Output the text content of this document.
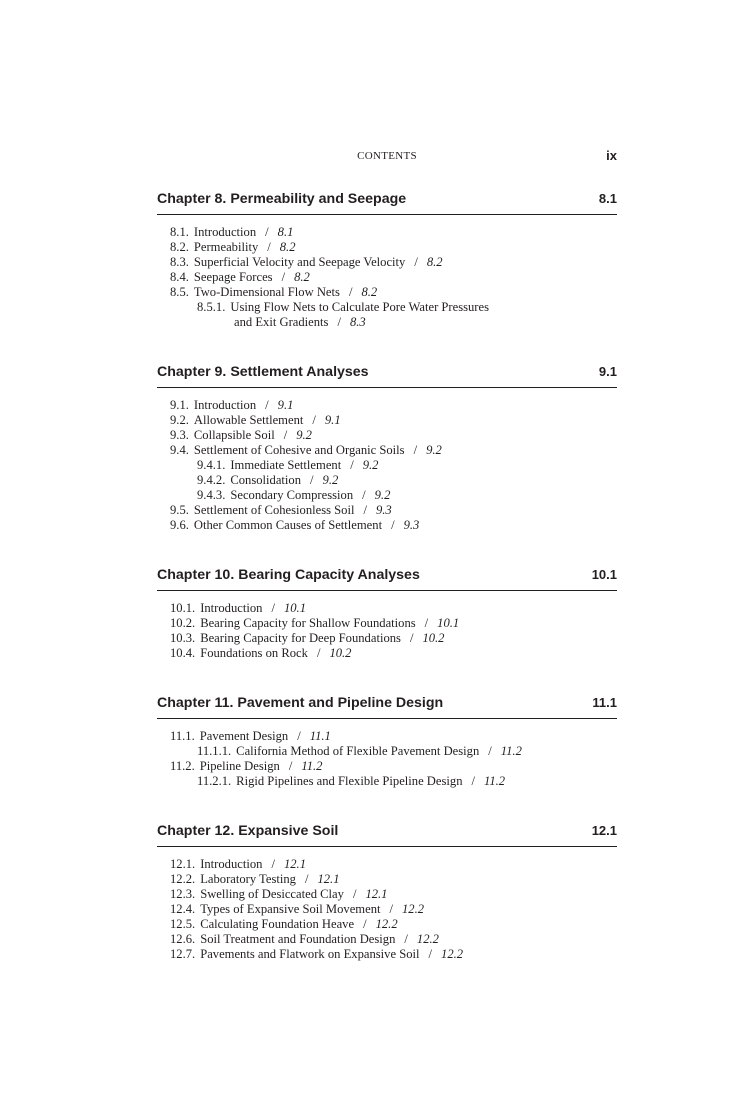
CONTENTS	ix
Chapter 8. Permeability and Seepage	8.1
8.1. Introduction / 8.1
8.2. Permeability / 8.2
8.3. Superficial Velocity and Seepage Velocity / 8.2
8.4. Seepage Forces / 8.2
8.5. Two-Dimensional Flow Nets / 8.2
8.5.1. Using Flow Nets to Calculate Pore Water Pressures
and Exit Gradients / 8.3
Chapter 9. Settlement Analyses	9.1
9.1. Introduction / 9.1
9.2. Allowable Settlement / 9.1
9.3. Collapsible Soil / 9.2
9.4. Settlement of Cohesive and Organic Soils / 9.2
9.4.1. Immediate Settlement / 9.2
9.4.2. Consolidation / 9.2
9.4.3. Secondary Compression / 9.2
9.5. Settlement of Cohesionless Soil / 9.3
9.6. Other Common Causes of Settlement / 9.3
Chapter 10. Bearing Capacity Analyses	10.1
10.1. Introduction / 10.1
10.2. Bearing Capacity for Shallow Foundations / 10.1
10.3. Bearing Capacity for Deep Foundations / 10.2
10.4. Foundations on Rock / 10.2
Chapter 11. Pavement and Pipeline Design	11.1
11.1. Pavement Design / 11.1
11.1.1. California Method of Flexible Pavement Design / 11.2
11.2. Pipeline Design / 11.2
11.2.1. Rigid Pipelines and Flexible Pipeline Design / 11.2
Chapter 12. Expansive Soil	12.1
12.1. Introduction / 12.1
12.2. Laboratory Testing / 12.1
12.3. Swelling of Desiccated Clay / 12.1
12.4. Types of Expansive Soil Movement / 12.2
12.5. Calculating Foundation Heave / 12.2
12.6. Soil Treatment and Foundation Design / 12.2
12.7. Pavements and Flatwork on Expansive Soil / 12.2
